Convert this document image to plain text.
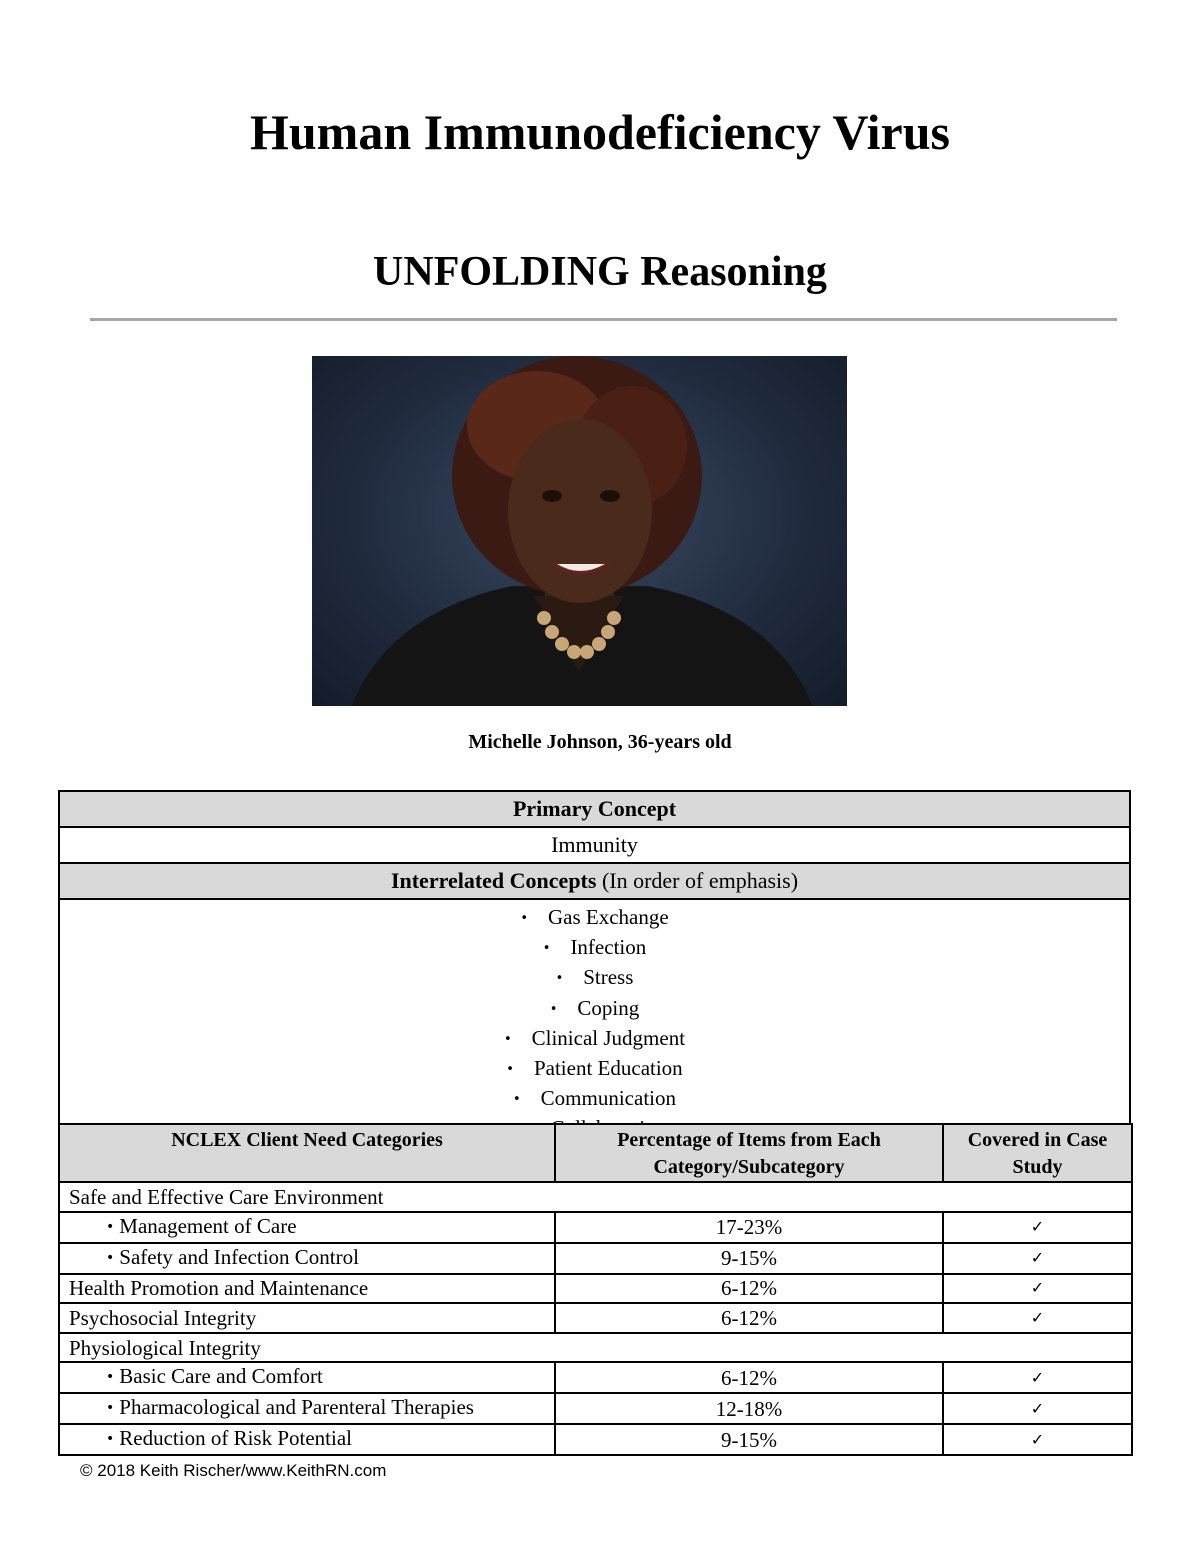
Human Immunodeficiency Virus
UNFOLDING Reasoning
Michelle Johnson, 36-years old
Primary Concept
Immunity
Interrelated Concepts (In order of emphasis)

• Gas Exchange
• Infection
• Stress
• Coping
• Clinical Judgment
• Patient Education
• Communication
NCLEX Client Need Categories	Percentage of Items from Each Category/Subcategory	Covered in Case Study
Safe and Effective Care Environment		
• Management of Care	17-23%	✓
• Safety and Infection Control	9-15%	✓
Health Promotion and Maintenance	6-12%	✓
Psychosocial Integrity	6-12%	✓
Physiological Integrity		
• Basic Care and Comfort	6-12%	✓
• Pharmacological and Parenteral Therapies	12-18%	✓
• Reduction of Risk Potential	9-15%	✓
© 2018 Keith Rischer/www.KeithRN.com
